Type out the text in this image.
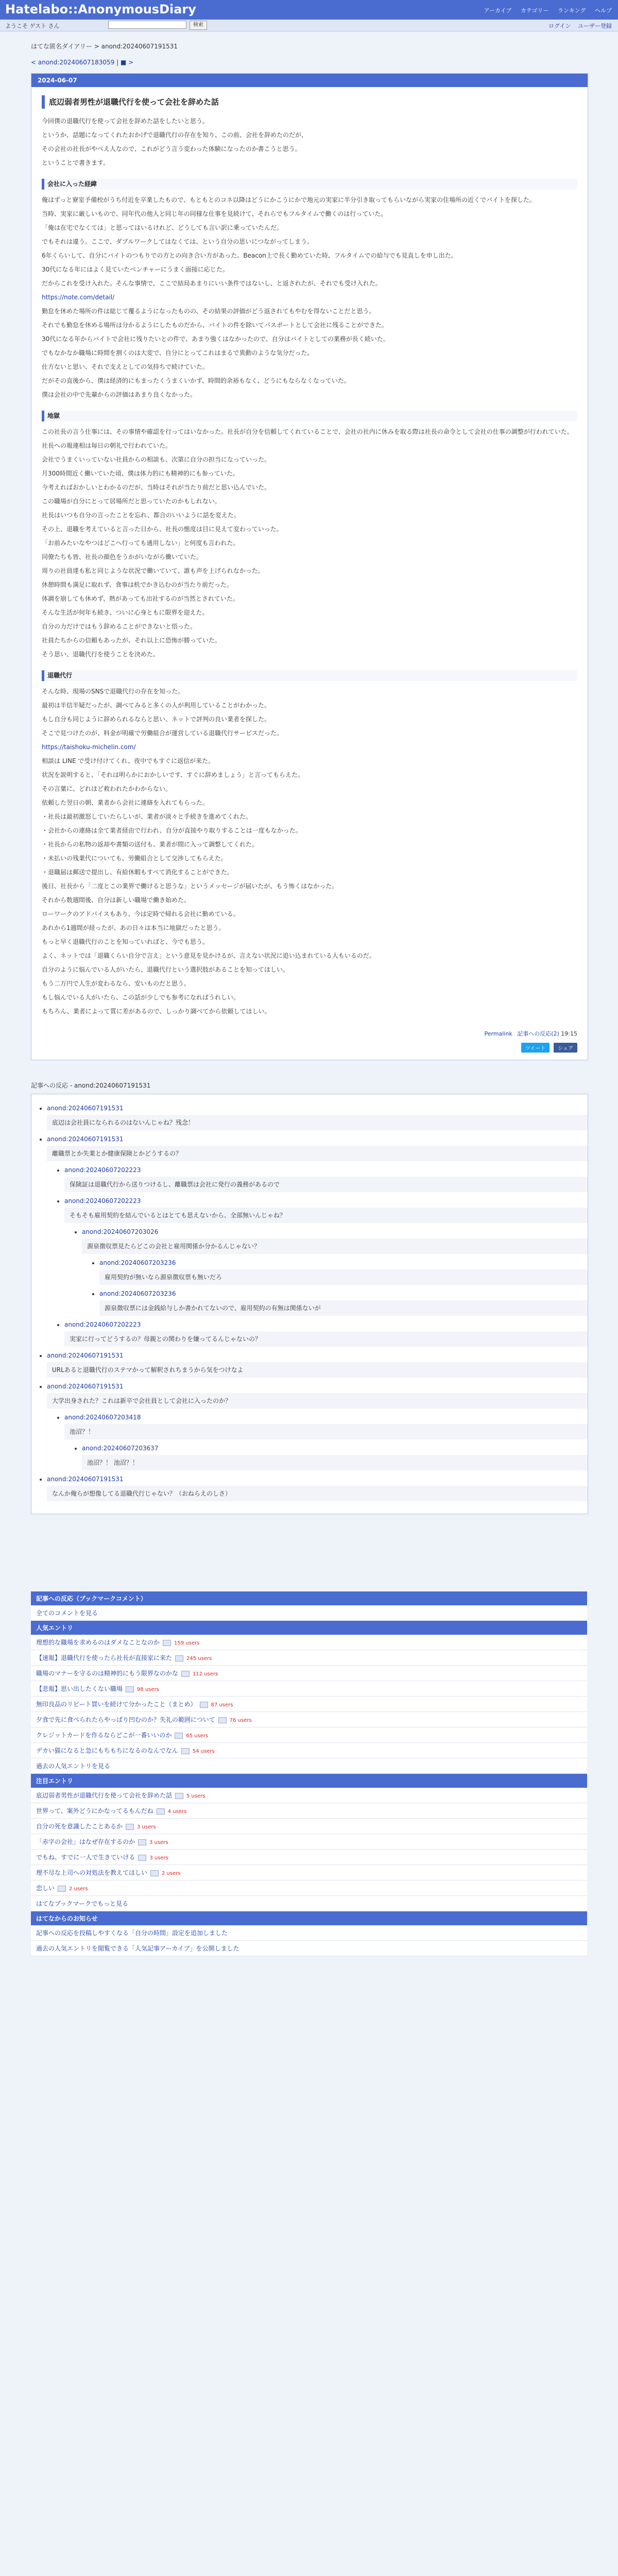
Hatelabo::AnonymousDiary	アーカイブ カテゴリー ランキング ヘルプ
ようこそ ゲスト さん	検索	ログイン ユーザー登録
はてな匿名ダイアリー > anond:20240607191531
< anond:20240607183059 | ■ >
2024-06-07
底辺弱者男性が退職代行を使って会社を辞めた話

今回僕の退職代行を使って会社を辞めた話をしたいと思う。

というか、話題になってくれたおかげで退職代行の存在を知り、この前、会社を辞めたのだが、

その会社の社長がやべえ人なので、これがどう言う変わった体験になったのか書こうと思う。

ということで書きます。

会社に入った経緯

俺はずっと寮室予備校がうち付近を卒業したもので、もともとのコネ以降はどうにかこうにかで地元の実家に半分引き取ってもらいながら実家の住場所の近くでバイトを探した。

当時、実家に厳しいもので、同年代の他人と同じ年の同様な仕事を見続けて、それらでもフルタイムで働くのは行っていた。

「俺は在宅でなくては」と思ってはいるけれど、どうしても言い訳に乗っていたんだ。

でもそれは違う。ここで、ダブルワークしてはなくては、という自分の思いにつながってしまう。

6年くらいして、自分にバイトのつもりでの方との向き合い方があった。Beacon上で長く勤めていた時、フルタイムでの給与でも見直しを申し出た。

30代になる年にはよく見ていたベンチャーにうまく面接に応じた。

だからこれを受け入れた。そんな事情で、ここで結局あまりにいい条件ではないし、と返されたが、それでも受け入れた。

https://note.com/detail/

勤怠を休めた場所の件は総じて覆るようになったものの、その結果の評価がどう返されてもやむを得ないことだと思う。

それでも勤怠を休める場所は分かるようにしたものだから、バイトの件を除いてパスポートとして会社に残ることができた。

30代になる年からバイトで会社に残りたいとの件で、あまり強くはなかったので、自分はバイトとしての業務が長く続いた。

でもなかなか職場に時間を割くのは大変で、自分にとってこれはまるで異動のような気分だった。

仕方ないと思い、それで支えとしての気持ちで続けていた。

だがその直後から、僕は経済的にもまったくうまくいかず、時間的余裕もなく、どうにもならなくなっていた。

僕は会社の中で先輩からの評価はあまり良くなかった。

地獄

この社長の言う仕事には、その事情や確認を行ってはいなかった。社長が自分を信頼してくれていることで、会社の社内に休みを取る際は社長の命令として会社の仕事の調整が行われていた。

社長への報連相は毎日の朝礼で行われていた。

会社でうまくいっていない社員からの相談も、次第に自分の担当になっていった。

月300時間近く働いていた頃、僕は体力的にも精神的にも参っていた。

今考えればおかしいとわかるのだが、当時はそれが当たり前だと思い込んでいた。

この職場が自分にとって居場所だと思っていたのかもしれない。

社長はいつも自分の言ったことを忘れ、都合のいいように話を変えた。

その上、退職を考えていると言った日から、社長の態度は目に見えて変わっていった。

「お前みたいなやつはどこへ行っても通用しない」と何度も言われた。

同僚たちも皆、社長の顔色をうかがいながら働いていた。

周りの社員達も私と同じような状況で働いていて、誰も声を上げられなかった。

休憩時間も満足に取れず、食事は机でかき込むのが当たり前だった。

体調を崩しても休めず、熱があっても出社するのが当然とされていた。

そんな生活が何年も続き、ついに心身ともに限界を迎えた。

自分の力だけではもう辞めることができないと悟った。

社員たちからの信頼もあったが、それ以上に恐怖が勝っていた。

そう思い、退職代行を使うことを決めた。

退職代行

そんな時、現場のSNSで退職代行の存在を知った。

最初は半信半疑だったが、調べてみると多くの人が利用していることがわかった。

もし自分も同じように辞められるならと思い、ネットで評判の良い業者を探した。

そこで見つけたのが、料金が明確で労働組合が運営している退職代行サービスだった。

https://taishoku-michelin.com/

相談は LINE で受け付けてくれ、夜中でもすぐに返信が来た。

状況を説明すると、「それは明らかにおかしいです、すぐに辞めましょう」と言ってもらえた。

その言葉に、どれほど救われたかわからない。

依頼した翌日の朝、業者から会社に連絡を入れてもらった。

・社長は最初激怒していたらしいが、業者が淡々と手続きを進めてくれた。

・会社からの連絡は全て業者経由で行われ、自分が直接やり取りすることは一度もなかった。

・社長からの私物の返却や書類の送付も、業者が間に入って調整してくれた。

・未払いの残業代についても、労働組合として交渉してもらえた。

・退職届は郵送で提出し、有給休暇もすべて消化することができた。

後日、社長から「二度とこの業界で働けると思うな」というメッセージが届いたが、もう怖くはなかった。

それから数週間後、自分は新しい職場で働き始めた。

ローワークのアドバイスもあり、今は定時で帰れる会社に勤めている。

あれから1週間が経ったが、あの日々は本当に地獄だったと思う。

もっと早く退職代行のことを知っていればと、今でも思う。

よく、ネットでは「退職くらい自分で言え」という意見を見かけるが、言えない状況に追い込まれている人もいるのだ。

自分のように悩んでいる人がいたら、退職代行という選択肢があることを知ってほしい。

もう二万円で人生が変わるなら、安いものだと思う。

もし悩んでいる人がいたら、この話が少しでも参考になればうれしい。

もちろん、業者によって質に差があるので、しっかり調べてから依頼してほしい。

Permalink 記事への反応(2) 19:15
ツイート シェア
記事への反応 - anond:20240607191531
• anond:20240607191531
底辺は会社員になられるのはないんじゃね？残念！
• anond:20240607191531
離職票とか失業とか健康保険とかどうするの？
• anond:20240607202223
保険証は退職代行から送りつけるし、離職票は会社に発行の義務があるので
• anond:20240607202223
そもそも雇用契約を結んでいるとはとても思えないから、全部無いんじゃね？
• anond:20240607203026
源泉徴収票見たらどこの会社と雇用関係か分かるんじゃない？
• anond:20240607203236
雇用契約が無いなら源泉徴収票も無いだろ
• anond:20240607203236
源泉徴収票には金銭給与しか書かれてないので、雇用契約の有無は関係ないが
• anond:20240607202223
実家に行ってどうするの？母親との関わりを嫌ってるんじゃないの？
• anond:20240607191531
URLあると退職代行のステマかって解釈されちまうから気をつけなよ
• anond:20240607191531
大学出身された？これは新卒で会社員として会社に入ったのか？
• anond:20240607203418
池沼？！
• anond:20240607203637
池沼？！ 池沼？！
• anond:20240607191531
なんか俺らが想像してる退職代行じゃない？（おねらえのしさ）
記事への反応（ブックマークコメント）
全てのコメントを見る
人気エントリ
理想的な職場を求めるのはダメなことなのか	159 users
【速報】退職代行を使ったら社長が直接家に来た	245 users
職場のマナーを守るのは精神的にもう限界なのかな	112 users
【悲報】思い出したくない職場	98 users
無印良品のリピート買いを続けて分かったこと（まとめ）	87 users
夕食で先に食べられたらやっぱり凹むのか？失礼の範囲について	76 users
クレジットカードを作るならどこが一番いいのか	65 users
デカい猫になると急にもちもちになるのなんでなん	54 users
過去の人気エントリを見る
注目エントリ
底辺弱者男性が退職代行を使って会社を辞めた話	5 users
世界って、案外どうにかなってるもんだね	4 users
自分の死を意識したことあるか	3 users
「赤字の会社」はなぜ存在するのか	3 users
でもね、すでに一人で生きていける	3 users
理不尽な上司への対処法を教えてほしい	2 users
恋しい	2 users
はてなブックマークでもっと見る
はてなからのお知らせ
記事への反応を投稿しやすくなる「自分の時間」設定を追加しました
過去の人気エントリを閲覧できる「人気記事アーカイブ」を公開しました
